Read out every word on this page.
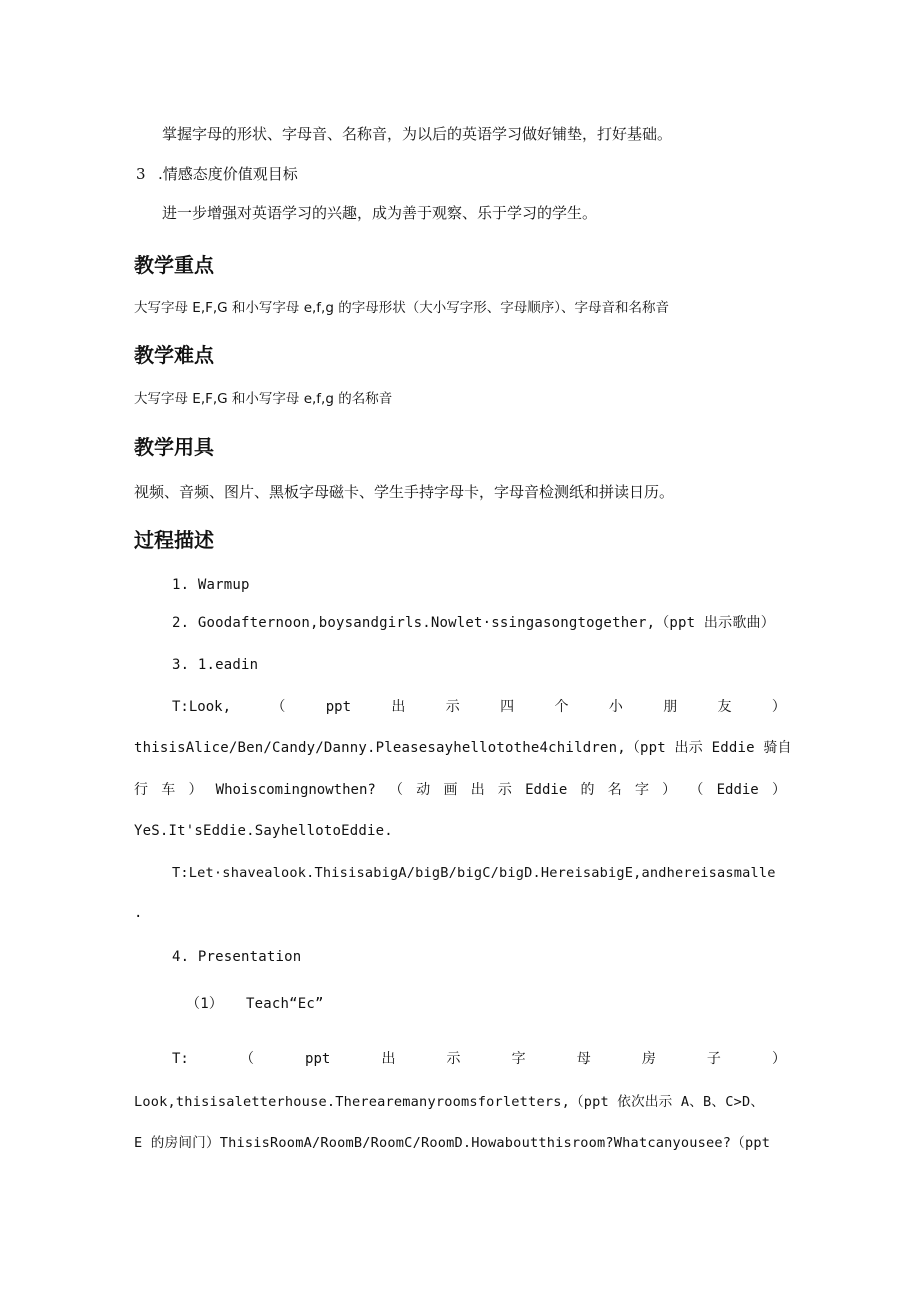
掌握字母的形状、字母音、名称音，为以后的英语学习做好铺垫，打好基础。
3 .情感态度价值观目标
进一步增强对英语学习的兴趣，成为善于观察、乐于学习的学生。
教学重点
大写字母 E,F,G 和小写字母 e,f,g 的字母形状（大小写字形、字母顺序）、字母音和名称音
教学难点
大写字母 E,F,G 和小写字母 e,f,g 的名称音
教学用具
视频、音频、图片、黑板字母磁卡、学生手持字母卡，字母音检测纸和拼读日历。
过程描述
1. Warmup
2. Goodafternoon,boysandgirls.Nowlet·ssingasongtogether,（ppt 出示歌曲）
3. 1.eadin
T:Look,	（	ppt	出	示	四	个	小	朋	友	）
thisisAlice/Ben/Candy/Danny.Pleasesayhellotothe4children,（ppt 出示 Eddie 骑自
行 车 ） Whoiscomingnowthen? （ 动 画 出 示 Eddie 的 名 字 ） （ Eddie ）
YeS.It'sEddie.SayhellotoEddie.
T:Let·shavealook.ThisisabigA/bigB/bigC/bigD.HereisabigE,andhereisasmalle
.
4. Presentation
（1） Teach“Ec”
T:	（	ppt	出	示	字	母	房	子	）
Look,thisisaletterhouse.Therearemanyroomsforletters,（ppt 依次出示 A、B、C>D、
E 的房间门）ThisisRoomA/RoomB/RoomC/RoomD.Howaboutthisroom?Whatcanyousee?（ppt
